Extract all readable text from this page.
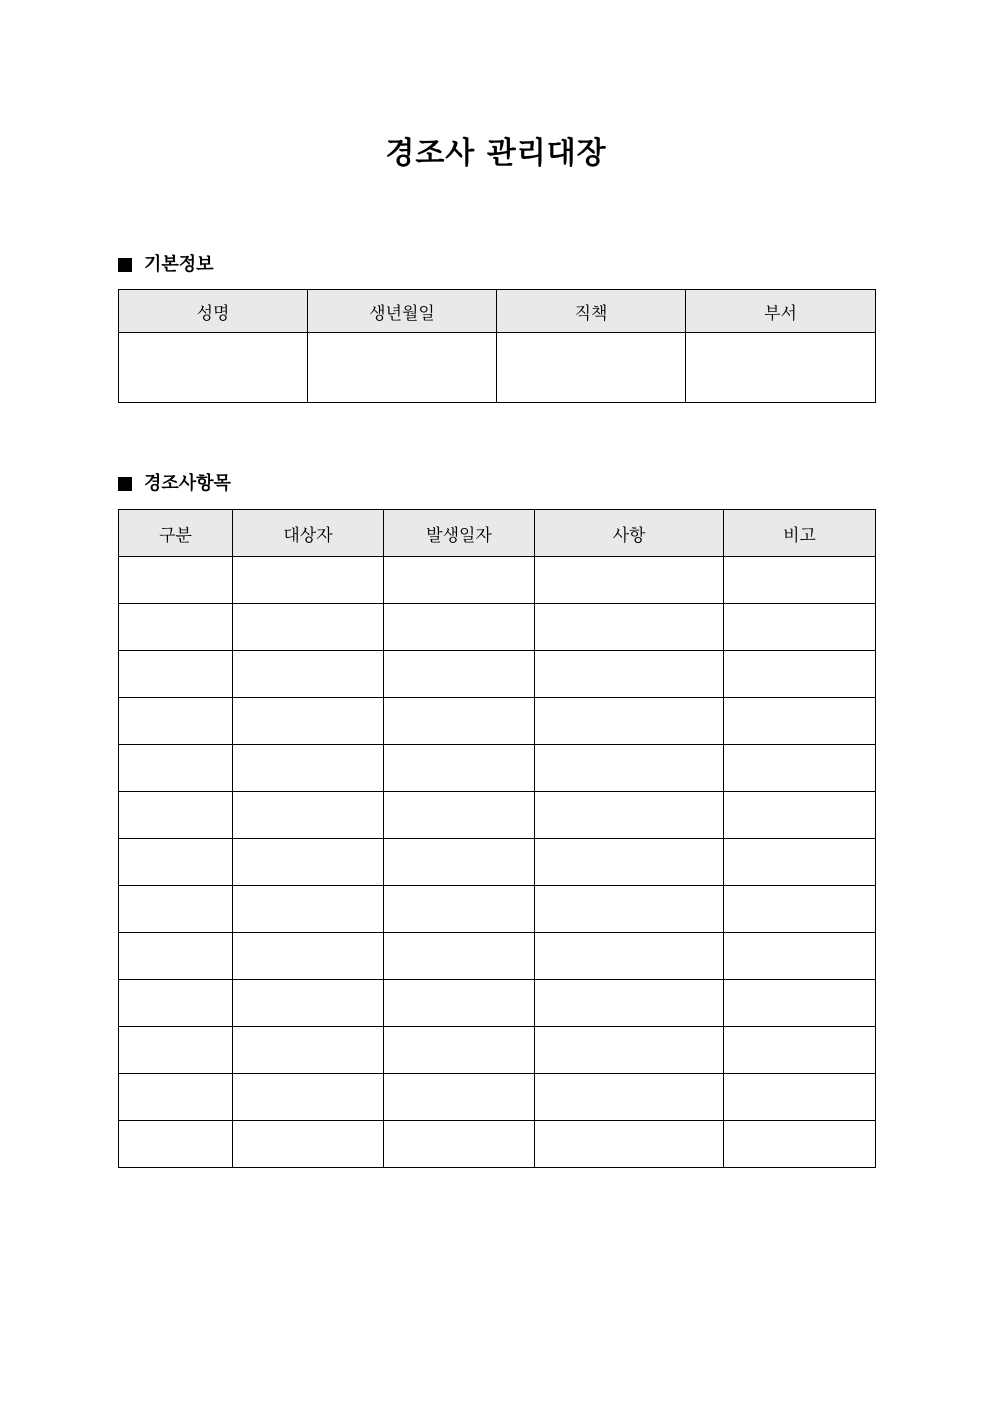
경조사 관리대장
기본정보
성명	생년월일	직책	부서

경조사항목
구분	대상자	발생일자	사항	비고
